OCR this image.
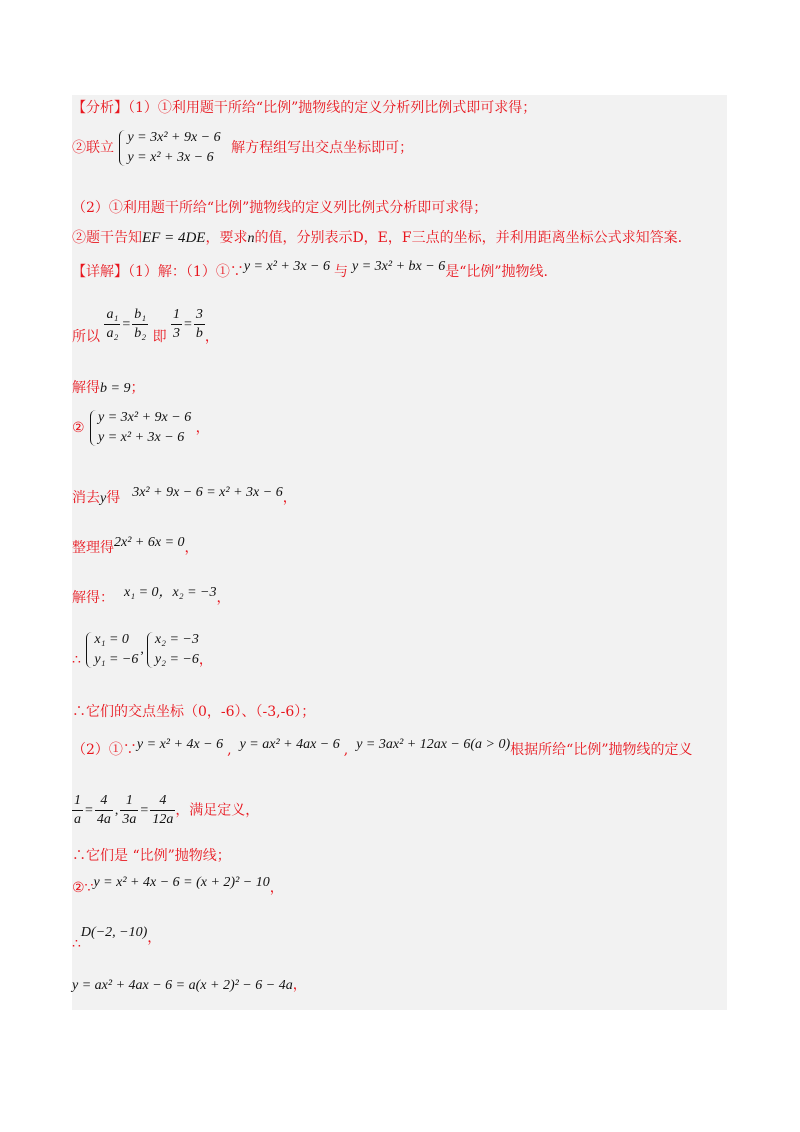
【分析】（1）①利用题干所给“比例”抛物线的定义分析列比例式即可求得；
②联立
y = 3x² + 9x − 6
y = x² + 3x − 6
解方程组写出交点坐标即可；
（2）①利用题干所给“比例”抛物线的定义列比例式分析即可求得；
②题干告知EF = 4DE，要求n的值，分别表示D，E，F三点的坐标，并利用距离坐标公式求知答案.
【详解】（1）解：（1）①∵y = x² + 3x − 6 与 y = 3x² + bx − 6是“比例”抛物线.
所以 $\frac{\text{a₁}}{\text{a₂}} = \frac{\text{b₁}}{\text{b₂}}$ 即 $\frac{1}{3} = \frac{3}{b}$ ，
解得b = 9；
②
y = 3x² + 9x − 6
y = x² + 3x − 6
，
消去y得 3x² + 9x − 6 = x² + 3x − 6，
整理得2x² + 6x = 0，
解得： x₁ = 0，x₂ = −3，
∴
x₁ = 0
y₁ = −6
,
x₂ = −3
y₂ = −6 ，
∴它们的交点坐标（0，-6）、（-3,-6）；
（2）①∵y = x² + 4x − 6 , y = ax² + 4ax − 6 , y = 3ax² + 12ax − 6(a > 0)根据所给“比例”抛物线的定义
$\frac{1}{a} = \frac{4}{4a}$ , $\frac{1}{3a} = \frac{4}{12a}$ ，满足定义，
∴它们是 “比例”抛物线；
②∵y = x² + 4x − 6 = (x + 2)² − 10，
∴D(−2, −10)，
y = ax² + 4ax − 6 = a(x + 2)² − 6 − 4a，
